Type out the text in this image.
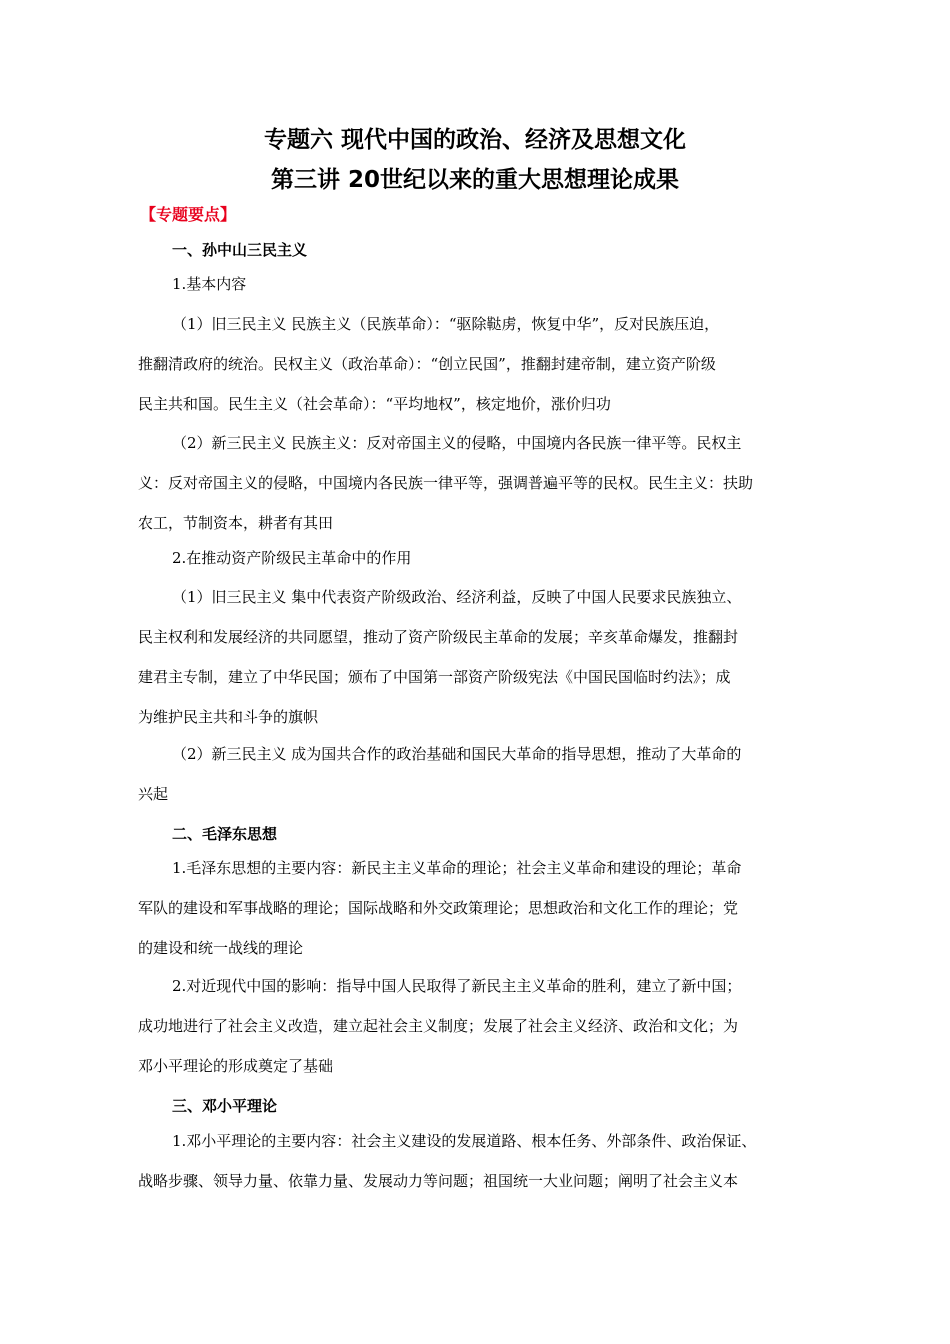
专题六 现代中国的政治、经济及思想文化
第三讲 20世纪以来的重大思想理论成果
【专题要点】
一、孙中山三民主义
1.基本内容
（1）旧三民主义 民族主义（民族革命）：“驱除鞑虏，恢复中华”，反对民族压迫，
推翻清政府的统治。民权主义（政治革命）：“创立民国”，推翻封建帝制，建立资产阶级
民主共和国。民生主义（社会革命）：“平均地权”，核定地价，涨价归功
（2）新三民主义 民族主义：反对帝国主义的侵略，中国境内各民族一律平等。民权主
义：反对帝国主义的侵略，中国境内各民族一律平等，强调普遍平等的民权。民生主义：扶助
农工，节制资本，耕者有其田
2.在推动资产阶级民主革命中的作用
（1）旧三民主义 集中代表资产阶级政治、经济利益，反映了中国人民要求民族独立、
民主权利和发展经济的共同愿望，推动了资产阶级民主革命的发展；辛亥革命爆发，推翻封
建君主专制，建立了中华民国；颁布了中国第一部资产阶级宪法《中国民国临时约法》；成
为维护民主共和斗争的旗帜
（2）新三民主义 成为国共合作的政治基础和国民大革命的指导思想，推动了大革命的
兴起
二、毛泽东思想
1.毛泽东思想的主要内容：新民主主义革命的理论；社会主义革命和建设的理论；革命
军队的建设和军事战略的理论；国际战略和外交政策理论；思想政治和文化工作的理论；党
的建设和统一战线的理论
2.对近现代中国的影响：指导中国人民取得了新民主主义革命的胜利，建立了新中国；
成功地进行了社会主义改造，建立起社会主义制度；发展了社会主义经济、政治和文化；为
邓小平理论的形成奠定了基础
三、邓小平理论
1.邓小平理论的主要内容：社会主义建设的发展道路、根本任务、外部条件、政治保证、
战略步骤、领导力量、依靠力量、发展动力等问题；祖国统一大业问题；阐明了社会主义本
